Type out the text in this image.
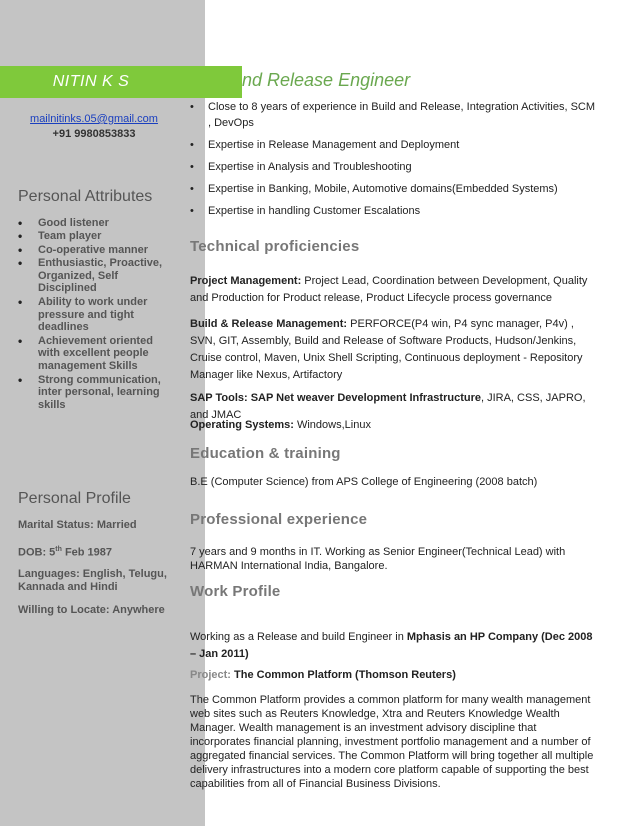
NITIN K S	nd Release Engineer
mailnitinks.05@gmail.com
+91 9980853833
Personal Attributes
• Good listener
• Team player
• Co-operative manner
• Enthusiastic, Proactive, Organized, Self Disciplined
• Ability to work under pressure and tight deadlines
• Achievement oriented with excellent people management Skills
• Strong communication, inter personal, learning skills
Personal Profile
Marital Status: Married
DOB: 5th Feb 1987
Languages: English, Telugu, Kannada and Hindi
Willing to Locate: Anywhere
• Close to 8 years of experience in Build and Release, Integration Activities, SCM , DevOps
• Expertise in Release Management and Deployment
• Expertise in Analysis and Troubleshooting
• Expertise in Banking, Mobile, Automotive domains(Embedded Systems)
• Expertise in handling Customer Escalations
Technical proficiencies
Project Management: Project Lead, Coordination between Development, Quality and Production for Product release, Product Lifecycle process governance
Build & Release Management: PERFORCE(P4 win, P4 sync manager, P4v) , SVN, GIT, Assembly, Build and Release of Software Products, Hudson/Jenkins, Cruise control, Maven, Unix Shell Scripting, Continuous deployment - Repository Manager like Nexus, Artifactory
SAP Tools: SAP Net weaver Development Infrastructure, JIRA, CSS, JAPRO, and JMAC
Operating Systems: Windows,Linux
Education & training
B.E (Computer Science) from APS College of Engineering (2008 batch)
Professional experience
7 years and 9 months in IT. Working as Senior Engineer(Technical Lead) with HARMAN International India, Bangalore.
Work Profile
Working as a Release and build Engineer in Mphasis an HP Company (Dec 2008 – Jan 2011)
Project: The Common Platform (Thomson Reuters)
The Common Platform provides a common platform for many wealth management web sites such as Reuters Knowledge, Xtra and Reuters Knowledge Wealth Manager. Wealth management is an investment advisory discipline that incorporates financial planning, investment portfolio management and a number of aggregated financial services. The Common Platform will bring together all multiple delivery infrastructures into a modern core platform capable of supporting the best capabilities from all of Financial Business Divisions.
